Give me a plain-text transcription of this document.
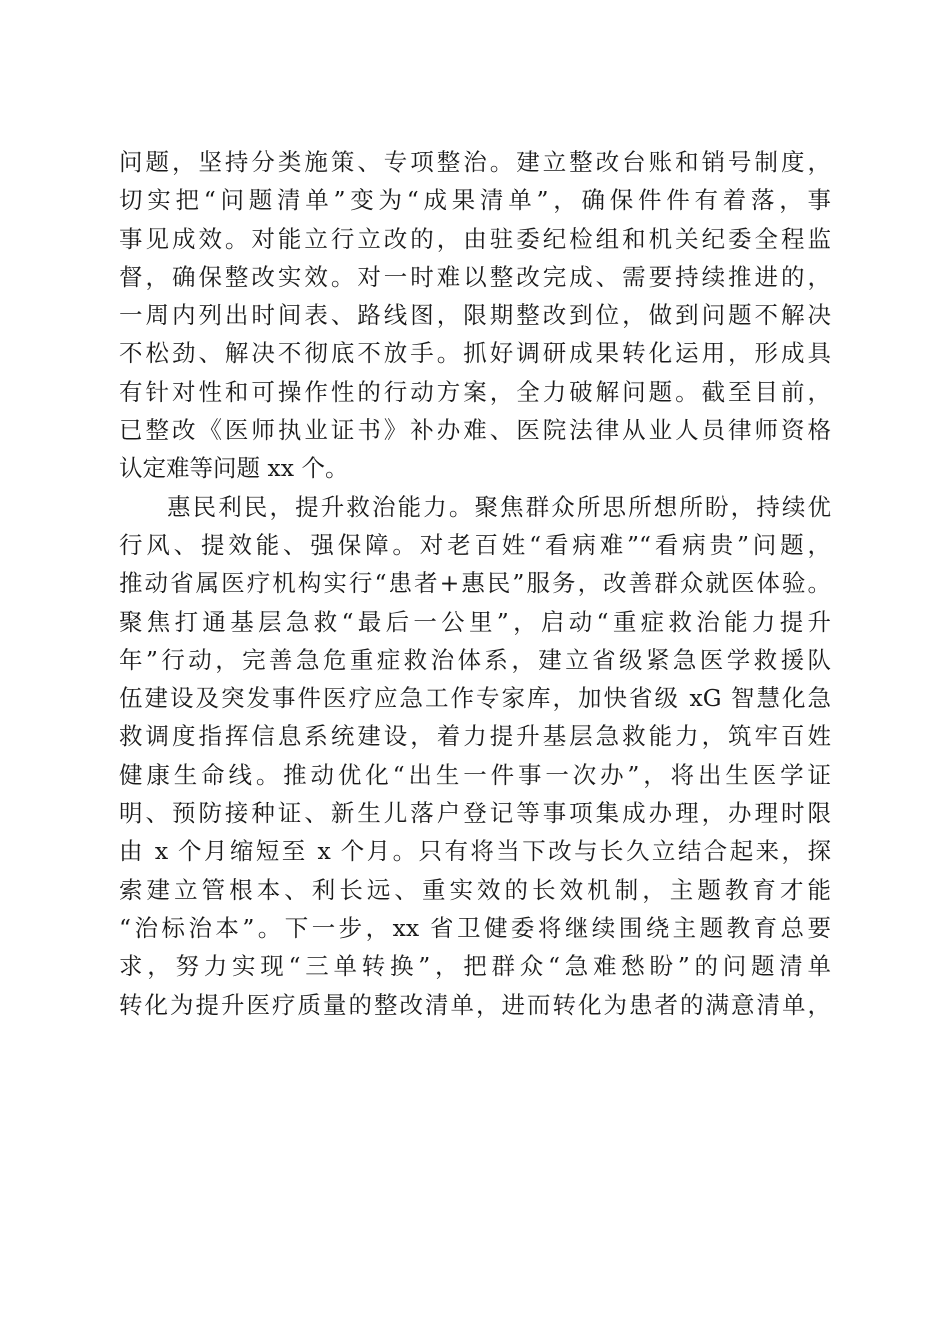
问题，坚持分类施策、专项整治。建立整改台账和销号制度，
切实把“问题清单”变为“成果清单”，确保件件有着落，事
事见成效。对能立行立改的，由驻委纪检组和机关纪委全程监
督，确保整改实效。对一时难以整改完成、需要持续推进的，
一周内列出时间表、路线图，限期整改到位，做到问题不解决
不松劲、解决不彻底不放手。抓好调研成果转化运用，形成具
有针对性和可操作性的行动方案，全力破解问题。截至目前，
已整改《医师执业证书》补办难、医院法律从业人员律师资格
认定难等问题 xx 个。
惠民利民，提升救治能力。聚焦群众所思所想所盼，持续优
行风、提效能、强保障。对老百姓“看病难”“看病贵”问题，
推动省属医疗机构实行“患者+惠民”服务，改善群众就医体验。
聚焦打通基层急救“最后一公里”，启动“重症救治能力提升
年”行动，完善急危重症救治体系，建立省级紧急医学救援队
伍建设及突发事件医疗应急工作专家库，加快省级 xG 智慧化急
救调度指挥信息系统建设，着力提升基层急救能力，筑牢百姓
健康生命线。推动优化“出生一件事一次办”，将出生医学证
明、预防接种证、新生儿落户登记等事项集成办理，办理时限
由 x 个月缩短至 x 个月。只有将当下改与长久立结合起来，探
索建立管根本、利长远、重实效的长效机制，主题教育才能
“治标治本”。下一步，xx 省卫健委将继续围绕主题教育总要
求，努力实现“三单转换”，把群众“急难愁盼”的问题清单
转化为提升医疗质量的整改清单，进而转化为患者的满意清单，
